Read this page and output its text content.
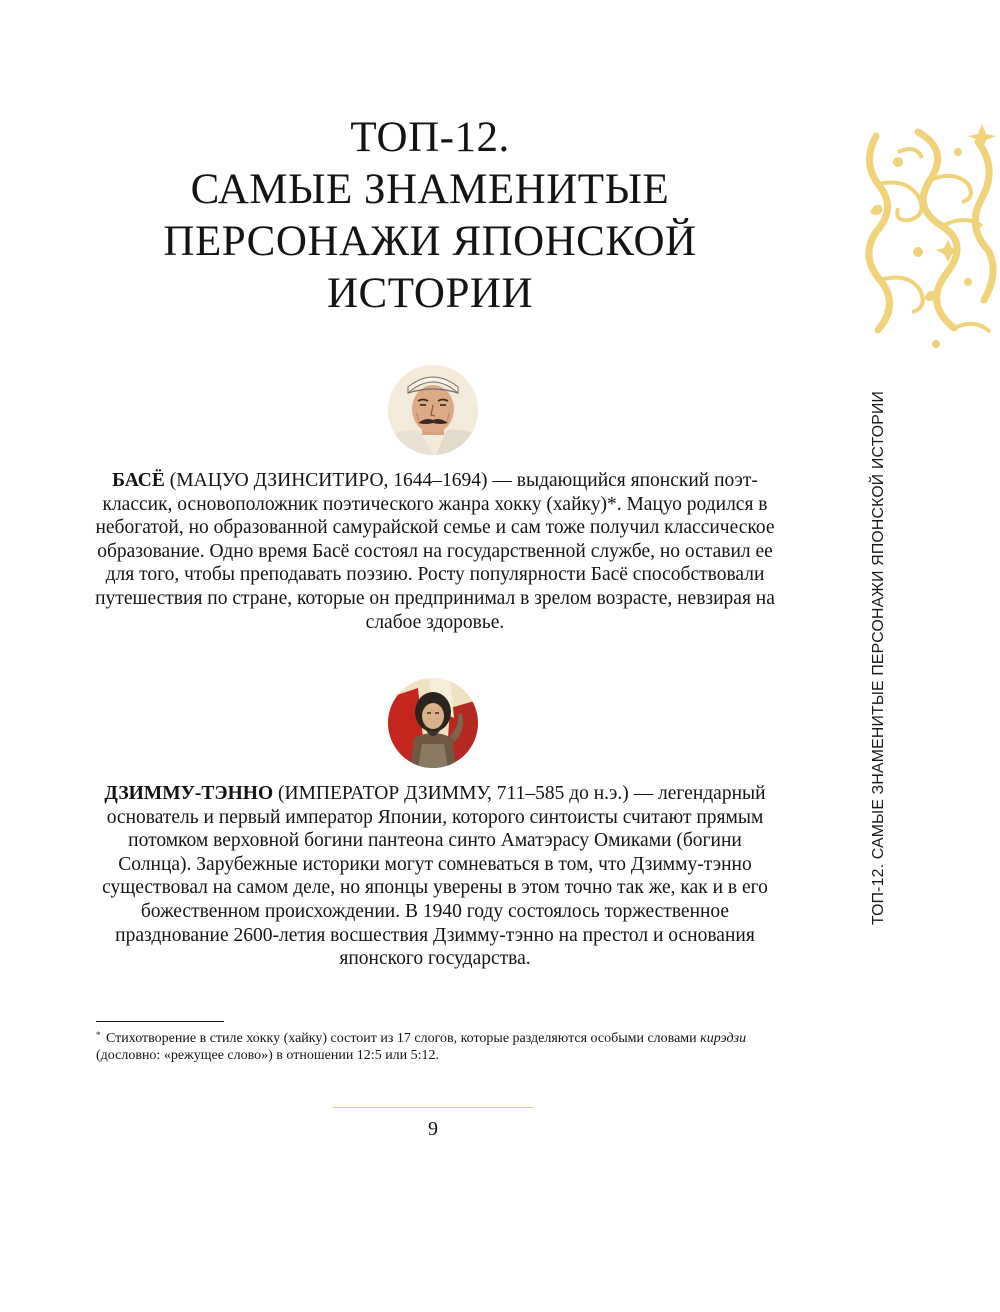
ТОП-12.
САМЫЕ ЗНАМЕНИТЫЕ
ПЕРСОНАЖИ ЯПОНСКОЙ
ИСТОРИИ

БАСЁ (МАЦУО ДЗИНСИТИРО, 1644–1694) — выдающийся японский поэт-классик, основоположник поэтического жанра хокку (хайку)*. Мацуо родился в небогатой, но образованной самурайской семье и сам тоже получил классическое образование. Одно время Басё состоял на государственной службе, но оставил ее для того, чтобы преподавать поэзию. Росту популярности Басё способствовали путешествия по стране, которые он предпринимал в зрелом возрасте, невзирая на слабое здоровье.

ДЗИММУ-ТЭННО (ИМПЕРАТОР ДЗИММУ, 711–585 до н.э.) — легендарный основатель и первый император Японии, которого синтоисты считают прямым потомком верховной богини пантеона синто Аматэрасу Омиками (богини Солнца). Зарубежные историки могут сомневаться в том, что Дзимму-тэнно существовал на самом деле, но японцы уверены в этом точно так же, как и в его божественном происхождении. В 1940 году состоялось торжественное празднование 2600-летия восшествия Дзимму-тэнно на престол и основания японского государства.

* Стихотворение в стиле хокку (хайку) состоит из 17 слогов, которые разделяются особыми словами кирэдзи (дословно: «режущее слово») в отношении 12:5 или 5:12.

9
ТОП-12. САМЫЕ ЗНАМЕНИТЫЕ ПЕРСОНАЖИ ЯПОНСКОЙ ИСТОРИИ
